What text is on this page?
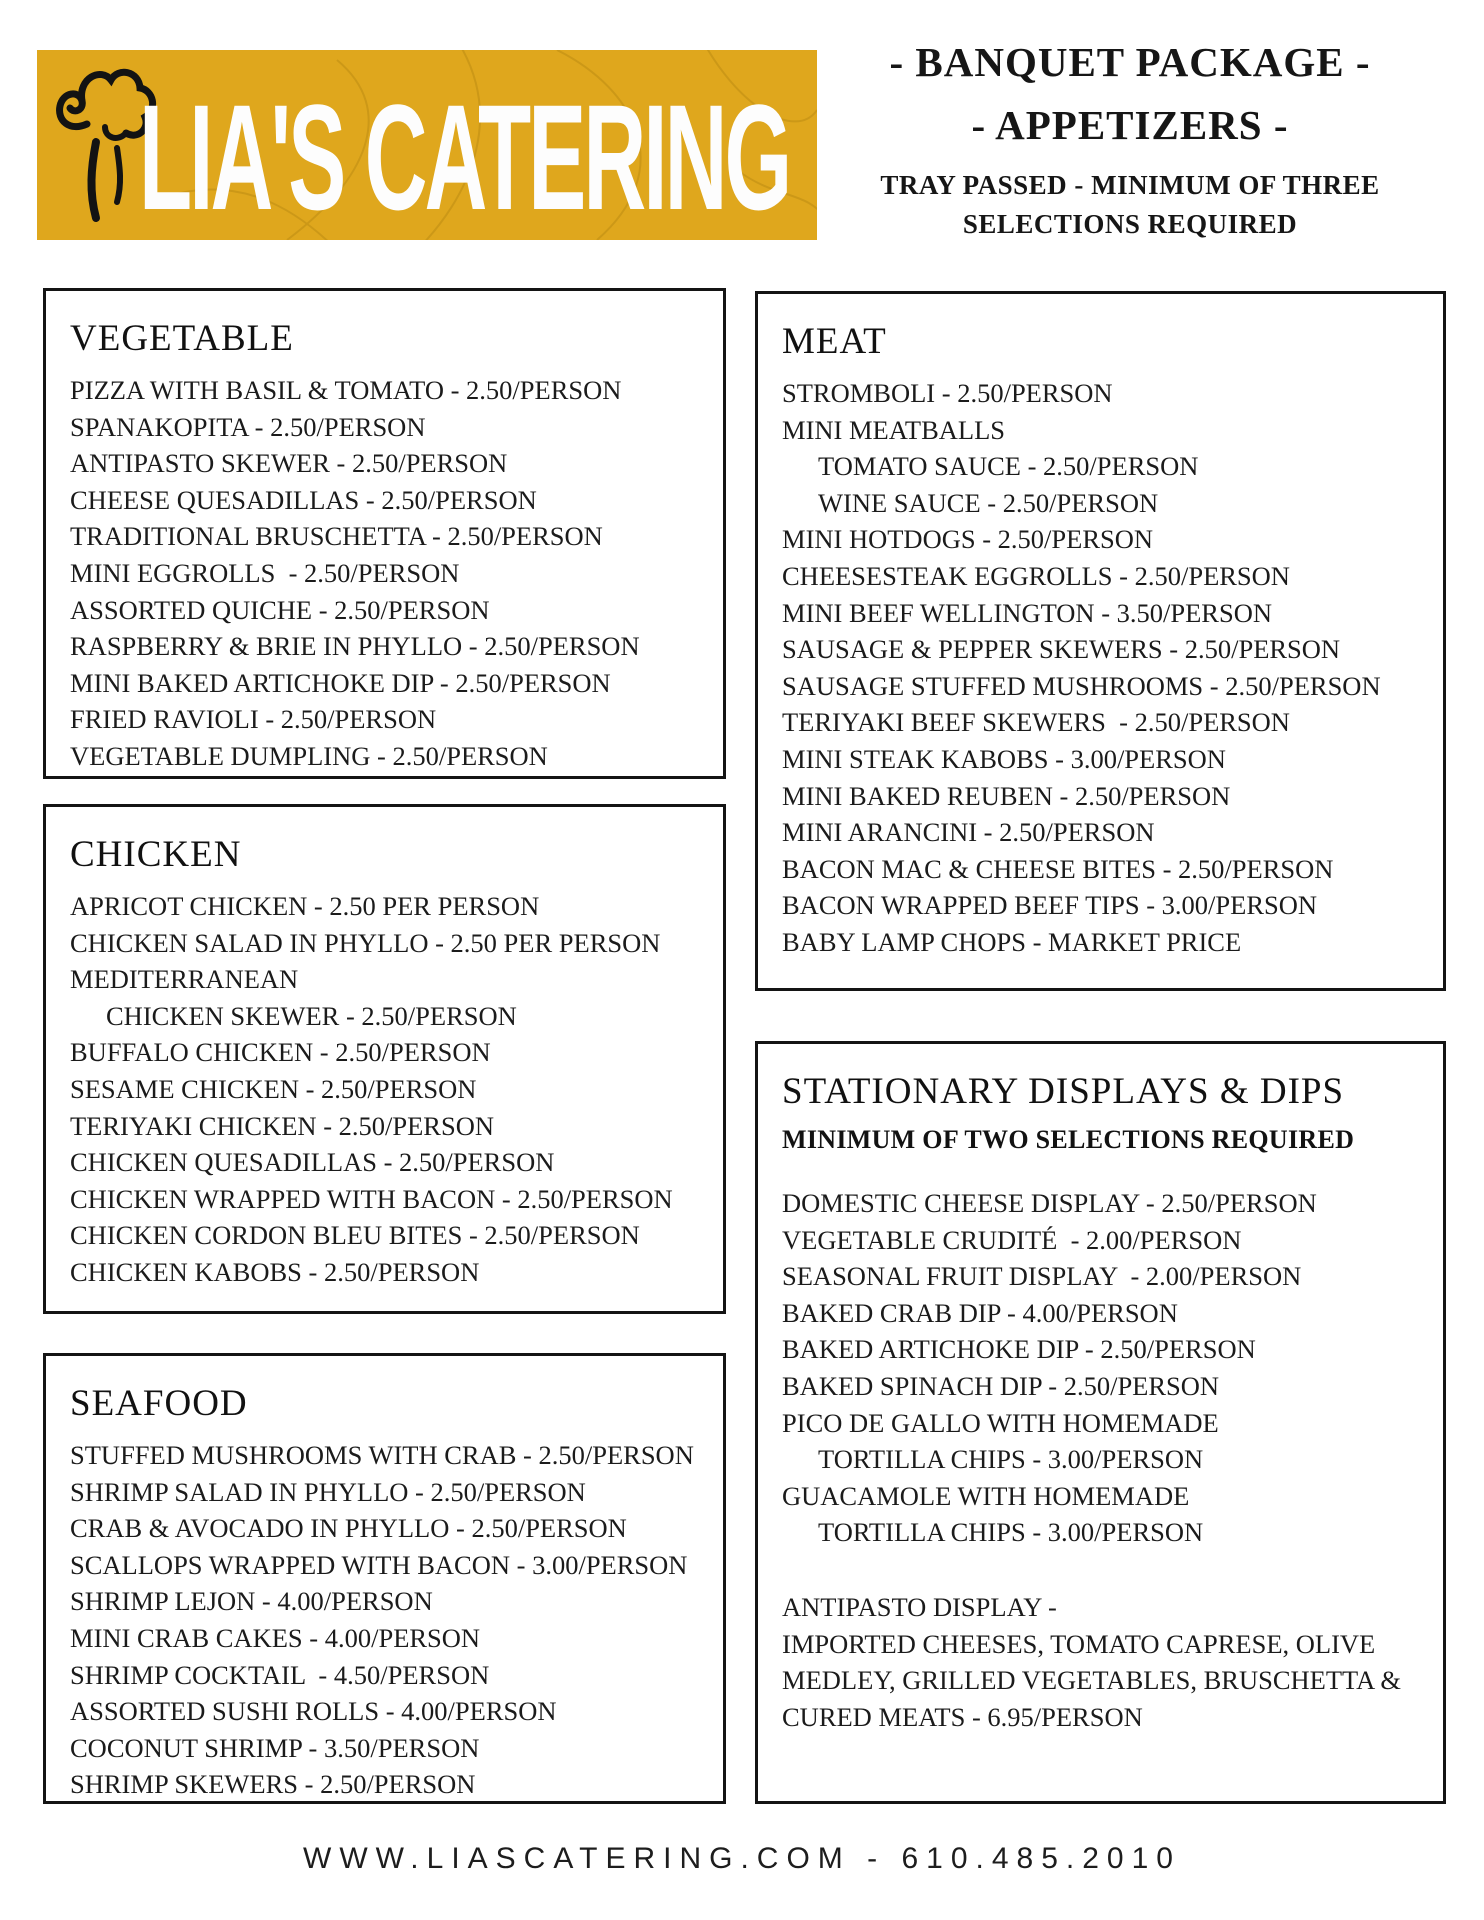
LIA'S CATERING
- BANQUET PACKAGE -
- APPETIZERS -
TRAY PASSED - MINIMUM OF THREE
SELECTIONS REQUIRED
VEGETABLE
PIZZA WITH BASIL & TOMATO - 2.50/PERSON
SPANAKOPITA - 2.50/PERSON
ANTIPASTO SKEWER - 2.50/PERSON
CHEESE QUESADILLAS - 2.50/PERSON
TRADITIONAL BRUSCHETTA - 2.50/PERSON
MINI EGGROLLS  - 2.50/PERSON
ASSORTED QUICHE - 2.50/PERSON
RASPBERRY & BRIE IN PHYLLO - 2.50/PERSON
MINI BAKED ARTICHOKE DIP - 2.50/PERSON
FRIED RAVIOLI - 2.50/PERSON
VEGETABLE DUMPLING - 2.50/PERSON
CHICKEN
APRICOT CHICKEN - 2.50 PER PERSON
CHICKEN SALAD IN PHYLLO - 2.50 PER PERSON
MEDITERRANEAN
CHICKEN SKEWER - 2.50/PERSON
BUFFALO CHICKEN - 2.50/PERSON
SESAME CHICKEN - 2.50/PERSON
TERIYAKI CHICKEN - 2.50/PERSON
CHICKEN QUESADILLAS - 2.50/PERSON
CHICKEN WRAPPED WITH BACON - 2.50/PERSON
CHICKEN CORDON BLEU BITES - 2.50/PERSON
CHICKEN KABOBS - 2.50/PERSON
SEAFOOD
STUFFED MUSHROOMS WITH CRAB - 2.50/PERSON
SHRIMP SALAD IN PHYLLO - 2.50/PERSON
CRAB & AVOCADO IN PHYLLO - 2.50/PERSON
SCALLOPS WRAPPED WITH BACON - 3.00/PERSON
SHRIMP LEJON - 4.00/PERSON
MINI CRAB CAKES - 4.00/PERSON
SHRIMP COCKTAIL  - 4.50/PERSON
ASSORTED SUSHI ROLLS - 4.00/PERSON
COCONUT SHRIMP - 3.50/PERSON
SHRIMP SKEWERS - 2.50/PERSON
MEAT
STROMBOLI - 2.50/PERSON
MINI MEATBALLS
TOMATO SAUCE - 2.50/PERSON
WINE SAUCE - 2.50/PERSON
MINI HOTDOGS - 2.50/PERSON
CHEESESTEAK EGGROLLS - 2.50/PERSON
MINI BEEF WELLINGTON - 3.50/PERSON
SAUSAGE & PEPPER SKEWERS - 2.50/PERSON
SAUSAGE STUFFED MUSHROOMS - 2.50/PERSON
TERIYAKI BEEF SKEWERS  - 2.50/PERSON
MINI STEAK KABOBS - 3.00/PERSON
MINI BAKED REUBEN - 2.50/PERSON
MINI ARANCINI - 2.50/PERSON
BACON MAC & CHEESE BITES - 2.50/PERSON
BACON WRAPPED BEEF TIPS - 3.00/PERSON
BABY LAMP CHOPS - MARKET PRICE
STATIONARY DISPLAYS & DIPS
MINIMUM OF TWO SELECTIONS REQUIRED
DOMESTIC CHEESE DISPLAY - 2.50/PERSON
VEGETABLE CRUDITÉ  - 2.00/PERSON
SEASONAL FRUIT DISPLAY  - 2.00/PERSON
BAKED CRAB DIP - 4.00/PERSON
BAKED ARTICHOKE DIP - 2.50/PERSON
BAKED SPINACH DIP - 2.50/PERSON
PICO DE GALLO WITH HOMEMADE
TORTILLA CHIPS - 3.00/PERSON
GUACAMOLE WITH HOMEMADE
TORTILLA CHIPS - 3.00/PERSON
ANTIPASTO DISPLAY -
IMPORTED CHEESES, TOMATO CAPRESE, OLIVE
MEDLEY, GRILLED VEGETABLES, BRUSCHETTA &
CURED MEATS - 6.95/PERSON
WWW.LIASCATERING.COM - 610.485.2010
